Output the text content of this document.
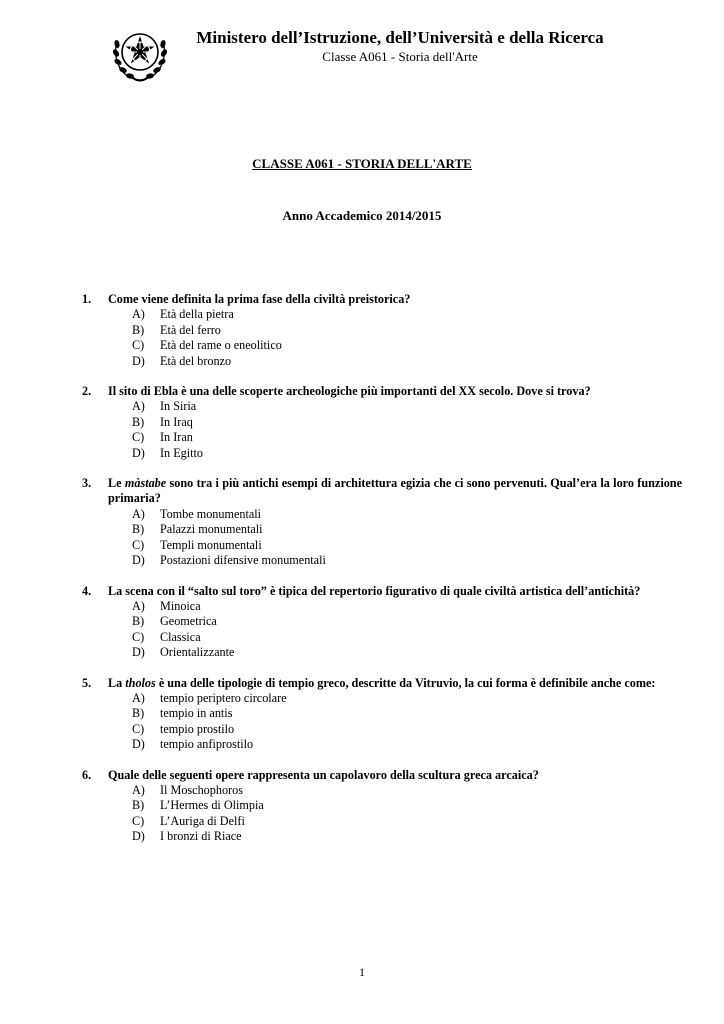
Ministero dell’Istruzione, dell’Università e della Ricerca
Classe A061 - Storia dell'Arte
CLASSE A061 - STORIA DELL'ARTE
Anno Accademico 2014/2015
1.	Come viene definita la prima fase della civiltà preistorica?
A)	Età della pietra
B)	Età del ferro
C)	Età del rame o eneolitico
D)	Età del bronzo
2.	Il sito di Ebla è una delle scoperte archeologiche più importanti del XX secolo. Dove si trova?
A)	In Siria
B)	In Iraq
C)	In Iran
D)	In Egitto
3.	Le màstabe sono tra i più antichi esempi di architettura egizia che ci sono pervenuti. Qual’era la loro funzione primaria?
A)	Tombe monumentali
B)	Palazzi monumentali
C)	Templi monumentali
D)	Postazioni difensive monumentali
4.	La scena con il “salto sul toro” è tipica del repertorio figurativo di quale civiltà artistica dell’antichità?
A)	Minoica
B)	Geometrica
C)	Classica
D)	Orientalizzante
5.	La tholos è una delle tipologie di tempio greco, descritte da Vitruvio, la cui forma è definibile anche come:
A)	tempio periptero circolare
B)	tempio in antis
C)	tempio prostilo
D)	tempio anfiprostilo
6.	Quale delle seguenti opere rappresenta un capolavoro della scultura greca arcaica?
A)	Il Moschophoros
B)	L’Hermes di Olimpia
C)	L’Auriga di Delfi
D)	I bronzi di Riace
1
